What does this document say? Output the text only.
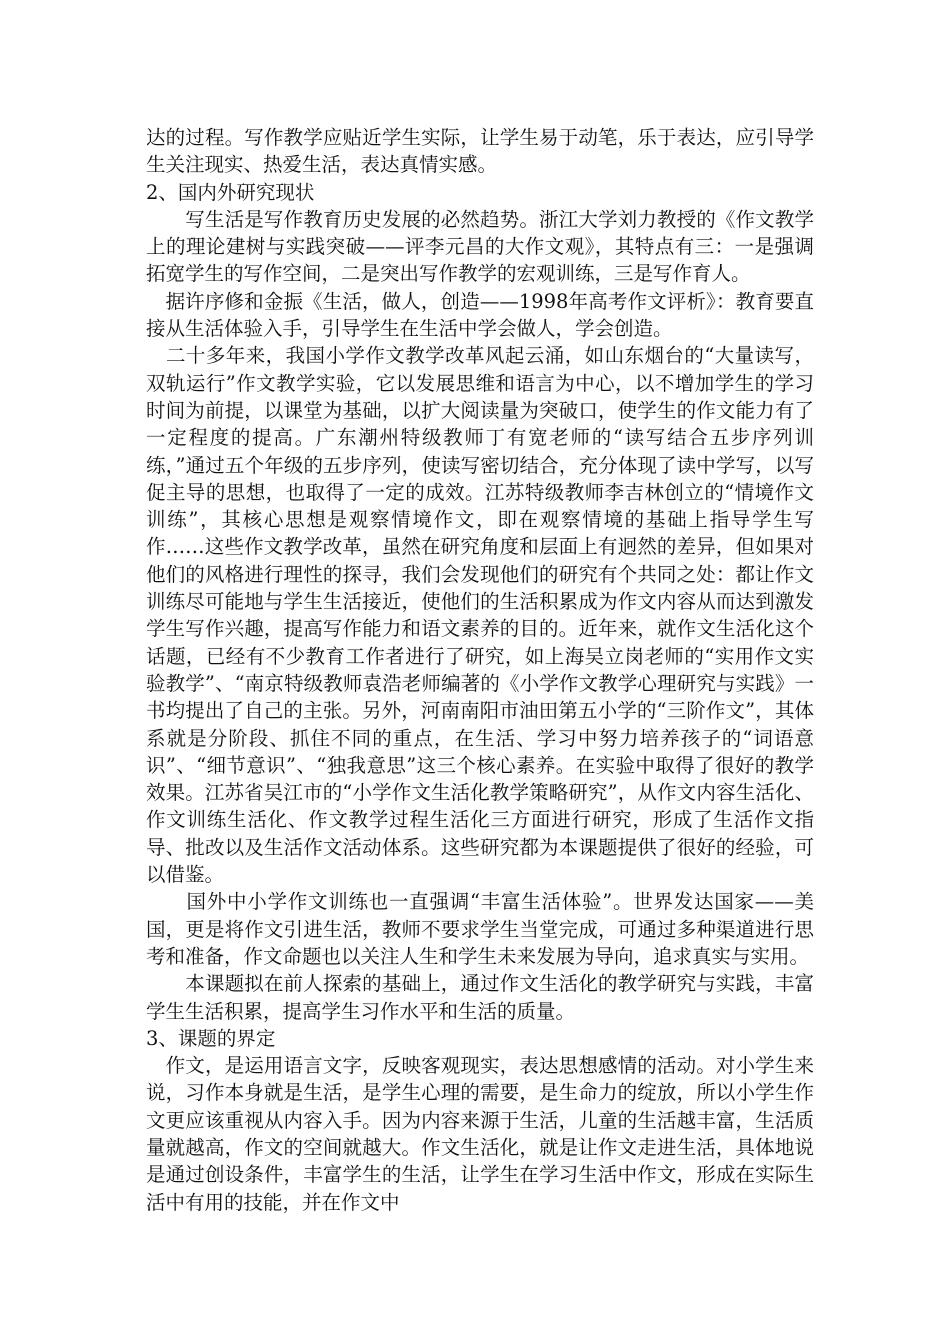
达的过程。写作教学应贴近学生实际，让学生易于动笔，乐于表达，应引导学生关注现实、热爱生活，表达真情实感。

2、国内外研究现状

　　写生活是写作教育历史发展的必然趋势。浙江大学刘力教授的《作文教学上的理论建树与实践突破——评李元昌的大作文观》，其特点有三：一是强调拓宽学生的写作空间，二是突出写作教学的宏观训练，三是写作育人。

　据许序修和金振《生活，做人，创造——1998年高考作文评析》：教育要直接从生活体验入手，引导学生在生活中学会做人，学会创造。

　二十多年来，我国小学作文教学改革风起云涌，如山东烟台的“大量读写，双轨运行”作文教学实验，它以发展思维和语言为中心，以不增加学生的学习时间为前提，以课堂为基础，以扩大阅读量为突破口，使学生的作文能力有了一定程度的提高。广东潮州特级教师丁有宽老师的“读写结合五步序列训练，”通过五个年级的五步序列，使读写密切结合，充分体现了读中学写，以写促主导的思想，也取得了一定的成效。江苏特级教师李吉林创立的“情境作文训练”，其核心思想是观察情境作文，即在观察情境的基础上指导学生写作……这些作文教学改革，虽然在研究角度和层面上有迥然的差异，但如果对他们的风格进行理性的探寻，我们会发现他们的研究有个共同之处：都让作文训练尽可能地与学生生活接近，使他们的生活积累成为作文内容从而达到激发学生写作兴趣，提高写作能力和语文素养的目的。近年来，就作文生活化这个话题，已经有不少教育工作者进行了研究，如上海吴立岗老师的“实用作文实验教学”、“南京特级教师袁浩老师编著的《小学作文教学心理研究与实践》一书均提出了自己的主张。另外，河南南阳市油田第五小学的“三阶作文”，其体系就是分阶段、抓住不同的重点，在生活、学习中努力培养孩子的“词语意识”、“细节意识”、“独我意思”这三个核心素养。在实验中取得了很好的教学效果。江苏省吴江市的“小学作文生活化教学策略研究”，从作文内容生活化、作文训练生活化、作文教学过程生活化三方面进行研究，形成了生活作文指导、批改以及生活作文活动体系。这些研究都为本课题提供了很好的经验，可以借鉴。

　　国外中小学作文训练也一直强调“丰富生活体验”。世界发达国家——美国，更是将作文引进生活，教师不要求学生当堂完成，可通过多种渠道进行思考和准备，作文命题也以关注人生和学生未来发展为导向，追求真实与实用。

　　本课题拟在前人探索的基础上，通过作文生活化的教学研究与实践，丰富学生生活积累，提高学生习作水平和生活的质量。

3、课题的界定

　作文，是运用语言文字，反映客观现实，表达思想感情的活动。对小学生来说，习作本身就是生活，是学生心理的需要，是生命力的绽放，所以小学生作文更应该重视从内容入手。因为内容来源于生活，儿童的生活越丰富，生活质量就越高，作文的空间就越大。作文生活化，就是让作文走进生活，具体地说是通过创设条件，丰富学生的生活，让学生在学习生活中作文，形成在实际生活中有用的技能，并在作文中
